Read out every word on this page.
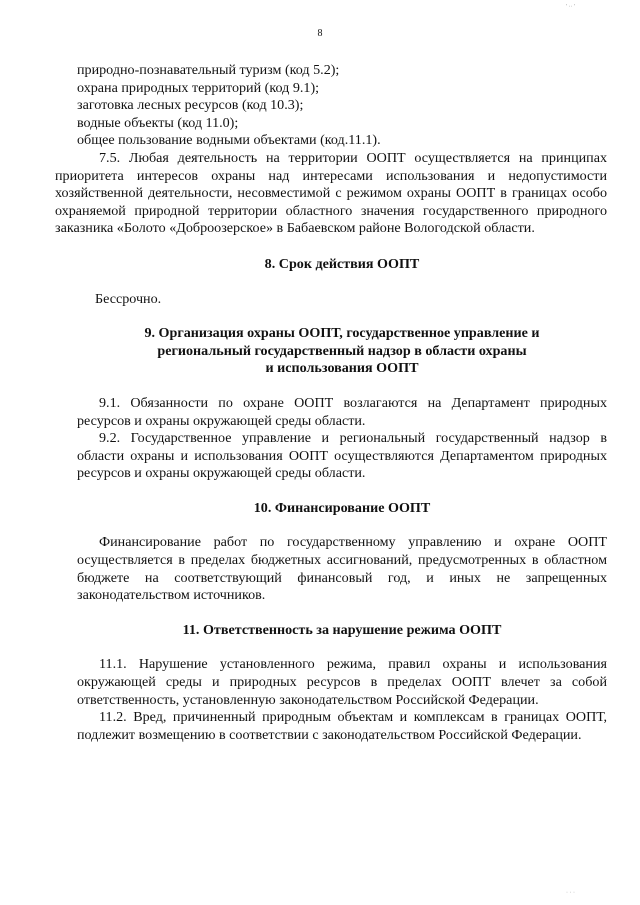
8

природно-познавательный туризм (код 5.2);

охрана природных территорий (код 9.1);

заготовка лесных ресурсов (код 10.3);

водные объекты (код 11.0);

общее пользование водными объектами (код.11.1).

7.5. Любая деятельность на территории ООПТ осуществляется на принципах приоритета интересов охраны над интересами использования и недопустимости хозяйственной деятельности, несовместимой с режимом охраны ООПТ в границах особо охраняемой природной территории областного значения государственного природного заказника «Болото «Доброозерское» в Бабаевском районе Вологодской области.

8. Срок действия ООПТ

Бессрочно.

9. Организация охраны ООПТ, государственное управление и
региональный государственный надзор в области охраны
и использования ООПТ

9.1. Обязанности по охране ООПТ возлагаются на Департамент природных ресурсов и охраны окружающей среды области.

9.2. Государственное управление и региональный государственный надзор в области охраны и использования ООПТ осуществляются Департаментом природных ресурсов и охраны окружающей среды области.

10. Финансирование ООПТ

Финансирование работ по государственному управлению и охране ООПТ осуществляется в пределах бюджетных ассигнований, предусмотренных в областном бюджете на соответствующий финансовый год, и иных не запрещенных законодательством источников.

11. Ответственность за нарушение режима ООПТ

11.1. Нарушение установленного режима, правил охраны и использования окружающей среды и природных ресурсов в пределах ООПТ влечет за собой ответственность, установленную законодательством Российской Федерации.

11.2. Вред, причиненный природным объектам и комплексам в границах ООПТ, подлежит возмещению в соответствии с законодательством Российской Федерации.

' ·· '
· · ·
